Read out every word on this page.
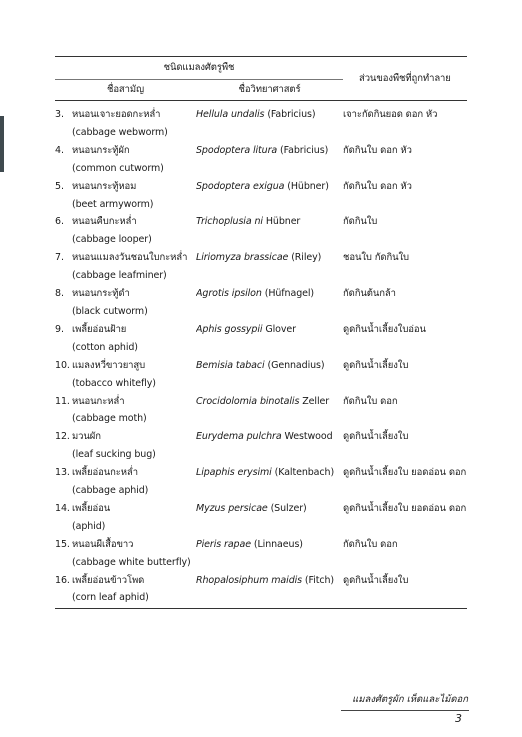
ชนิดแมลงศัตรูพืช			ส่วนของพืชที่ถูกทำลาย
ชื่อสามัญ		ชื่อวิทยาศาสตร์	
3.	หนอนเจาะยอดกะหล่ำ
(cabbage webworm)	Hellula undalis (Fabricius)	เจาะกัดกินยอด ดอก หัว
4.	หนอนกระทู้ผัก
(common cutworm)	Spodoptera litura (Fabricius)	กัดกินใบ ดอก หัว
5.	หนอนกระทู้หอม
(beet armyworm)	Spodoptera exigua (Hübner)	กัดกินใบ ดอก หัว
6.	หนอนคืบกะหล่ำ
(cabbage looper)	Trichoplusia ni Hübner	กัดกินใบ
7.	หนอนแมลงวันชอนใบกะหล่ำ
(cabbage leafminer)	Liriomyza brassicae (Riley)	ชอนใบ กัดกินใบ
8.	หนอนกระทู้ดำ
(black cutworm)	Agrotis ipsilon (Hüfnagel)	กัดกินต้นกล้า
9.	เพลี้ยอ่อนฝ้าย
(cotton aphid)	Aphis gossypii Glover	ดูดกินน้ำเลี้ยงใบอ่อน
10.	แมลงหวี่ขาวยาสูบ
(tobacco whitefly)	Bemisia tabaci (Gennadius)	ดูดกินน้ำเลี้ยงใบ
11.	หนอนกะหล่ำ
(cabbage moth)	Crocidolomia binotalis Zeller	กัดกินใบ ดอก
12.	มวนผัก
(leaf sucking bug)	Eurydema pulchra Westwood	ดูดกินน้ำเลี้ยงใบ
13.	เพลี้ยอ่อนกะหล่ำ
(cabbage aphid)	Lipaphis erysimi (Kaltenbach)	ดูดกินน้ำเลี้ยงใบ ยอดอ่อน ดอก
14.	เพลี้ยอ่อน
(aphid)	Myzus persicae (Sulzer)	ดูดกินน้ำเลี้ยงใบ ยอดอ่อน ดอก
15.	หนอนผีเสื้อขาว
(cabbage white butterfly)	Pieris rapae (Linnaeus)	กัดกินใบ ดอก
16.	เพลี้ยอ่อนข้าวโพด
(corn leaf aphid)	Rhopalosiphum maidis (Fitch)	ดูดกินน้ำเลี้ยงใบ
แมลงศัตรูผัก เห็ดและไม้ดอก
3
